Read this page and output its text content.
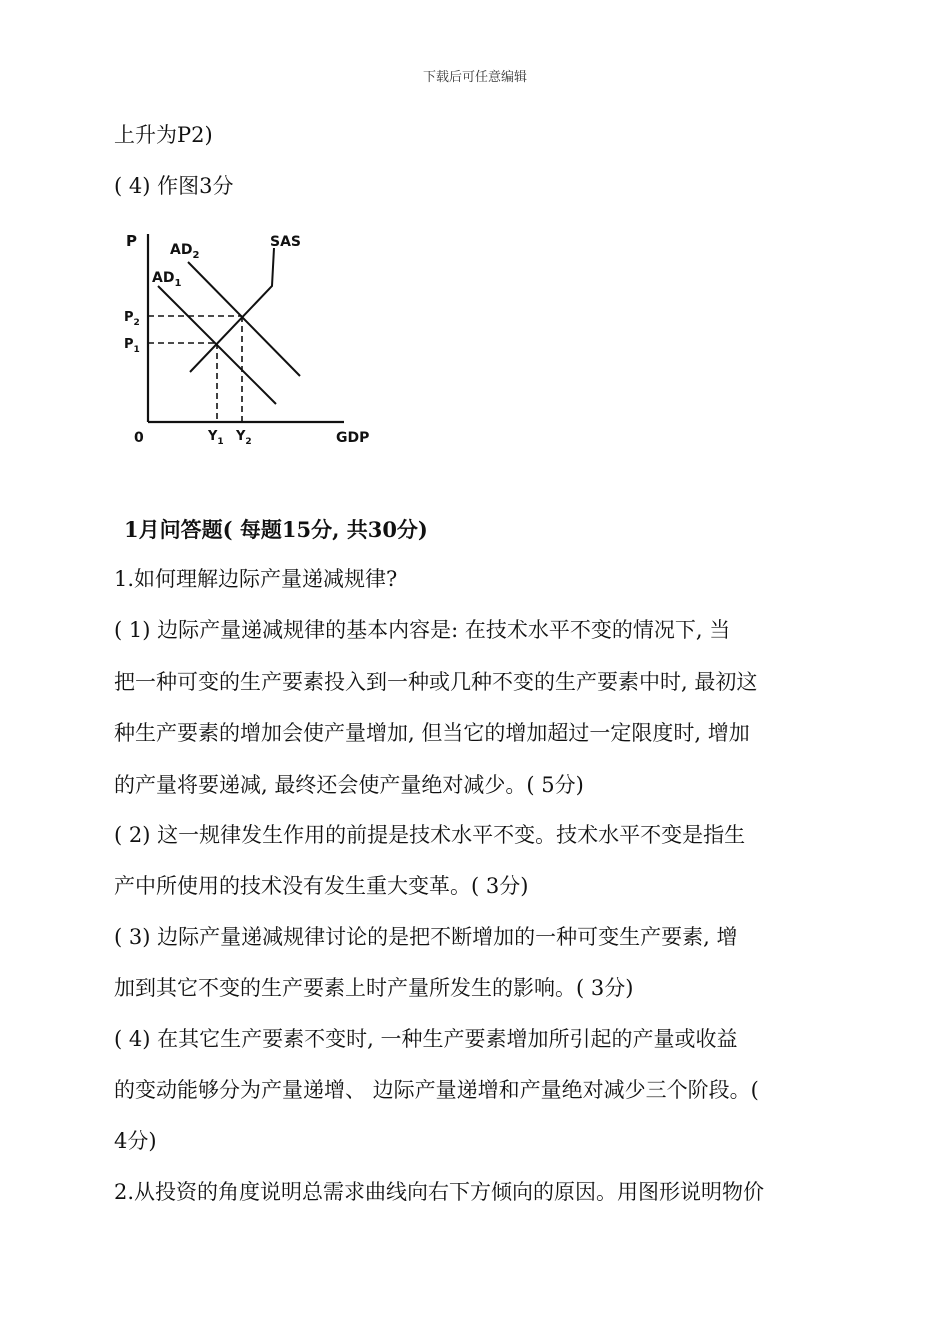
下载后可任意编辑
上升为P2)
( 4) 作图3分
P $AD_2$
$AD_1$
SAS
$P_2$
$P_1$
0	$Y_1$ $Y_2$	GDP
1月问答题( 每题15分, 共30分)
1.如何理解边际产量递减规律?
( 1) 边际产量递减规律的基本内容是: 在技术水平不变的情况下, 当
把一种可变的生产要素投入到一种或几种不变的生产要素中时, 最初这
种生产要素的增加会使产量增加, 但当它的增加超过一定限度时, 增加
的产量将要递减, 最终还会使产量绝对减少。( 5分)
( 2) 这一规律发生作用的前提是技术水平不变。技术水平不变是指生
产中所使用的技术没有发生重大变革。( 3分)
( 3) 边际产量递减规律讨论的是把不断增加的一种可变生产要素, 增
加到其它不变的生产要素上时产量所发生的影响。( 3分)
( 4) 在其它生产要素不变时, 一种生产要素增加所引起的产量或收益
的变动能够分为产量递增、 边际产量递增和产量绝对减少三个阶段。(
4分)
2.从投资的角度说明总需求曲线向右下方倾向的原因。用图形说明物价
